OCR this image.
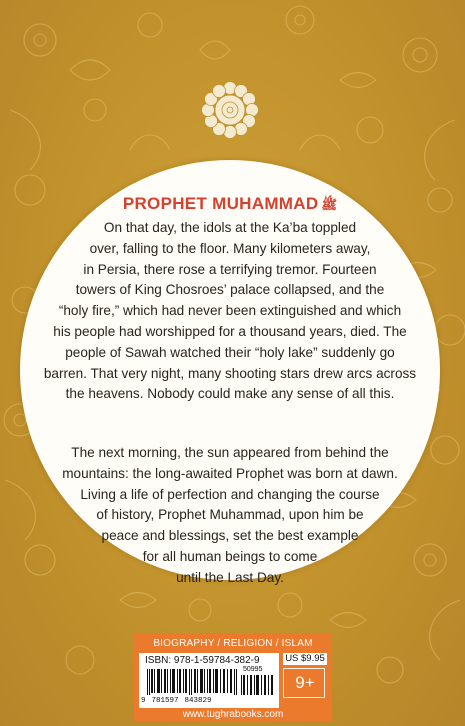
PROPHET MUHAMMAD ﷺ
On that day, the idols at the Ka’ba toppled
over, falling to the floor. Many kilometers away,
in Persia, there rose a terrifying tremor. Fourteen
towers of King Chosroes’ palace collapsed, and the
“holy fire,” which had never been extinguished and which
his people had worshipped for a thousand years, died. The
people of Sawah watched their “holy lake” suddenly go
barren. That very night, many shooting stars drew arcs across
the heavens. Nobody could make any sense of all this.
The next morning, the sun appeared from behind the
mountains: the long-awaited Prophet was born at dawn.
Living a life of perfection and changing the course
of history, Prophet Muhammad, upon him be
peace and blessings, set the best example
for all human beings to come
until the Last Day.
BIOGRAPHY / RELIGION / ISLAM
ISBN: 978-1-59784-382-9
50995
9 781597 843829
US $9.95
9+
www.tughrabooks.com
